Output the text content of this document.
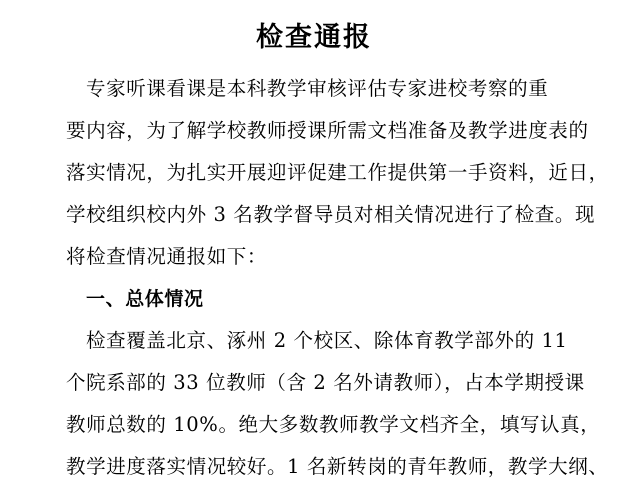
检查通报
专家听课看课是本科教学审核评估专家进校考察的重
要内容，为了解学校教师授课所需文档准备及教学进度表的
落实情况，为扎实开展迎评促建工作提供第一手资料，近日，
学校组织校内外 3 名教学督导员对相关情况进行了检查。现
将检查情况通报如下：
一、总体情况
检查覆盖北京、涿州 2 个校区、除体育教学部外的 11
个院系部的 33 位教师（含 2 名外请教师），占本学期授课
教师总数的 10%。绝大多数教师教学文档齐全，填写认真，
教学进度落实情况较好。1 名新转岗的青年教师，教学大纲、
